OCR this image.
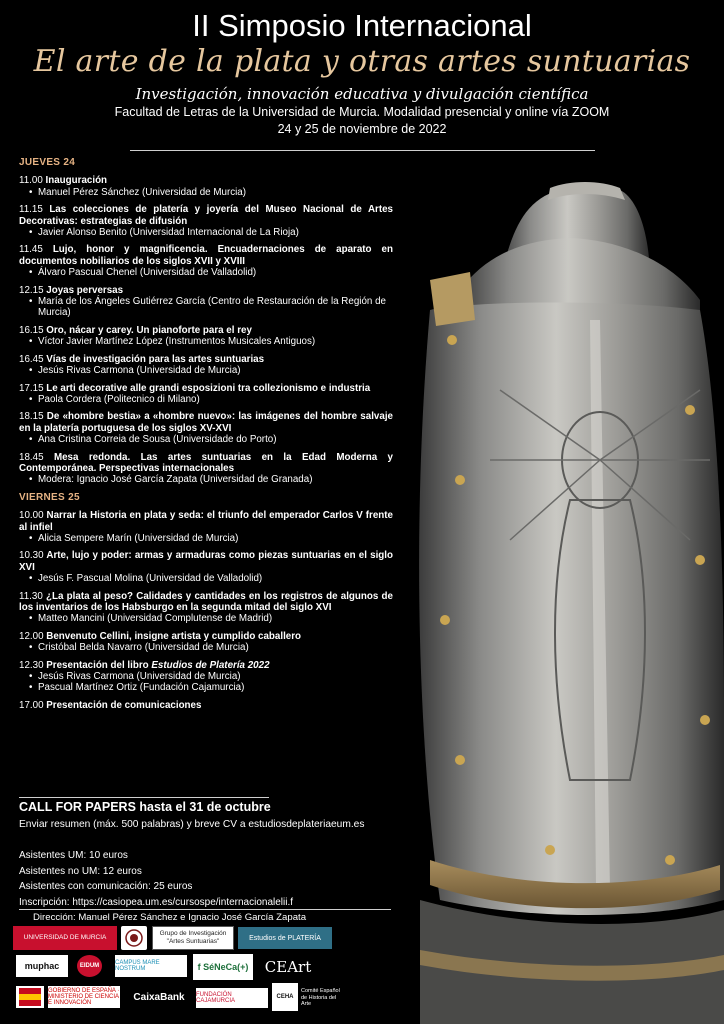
II Simposio Internacional
El arte de la plata y otras artes suntuarias
Investigación, innovación educativa y divulgación científica
Facultad de Letras de la Universidad de Murcia. Modalidad presencial y online vía ZOOM
24 y 25 de noviembre de 2022
JUEVES 24
11.00 Inauguración
• Manuel Pérez Sánchez (Universidad de Murcia)
11.15 Las colecciones de platería y joyería del Museo Nacional de Artes Decorativas: estrategias de difusión
• Javier Alonso Benito (Universidad Internacional de La Rioja)
11.45 Lujo, honor y magnificencia. Encuadernaciones de aparato en documentos nobiliarios de los siglos XVII y XVIII
• Álvaro Pascual Chenel (Universidad de Valladolid)
12.15 Joyas perversas
• María de los Ángeles Gutiérrez García (Centro de Restauración de la Región de Murcia)
16.15 Oro, nácar y carey. Un pianoforte para el rey
• Víctor Javier Martínez López (Instrumentos Musicales Antiguos)
16.45 Vías de investigación para las artes suntuarias
• Jesús Rivas Carmona (Universidad de Murcia)
17.15 Le arti decorative alle grandi esposizioni tra collezionismo e industria
• Paola Cordera (Politecnico di Milano)
18.15 De «hombre bestia» a «hombre nuevo»: las imágenes del hombre salvaje en la platería portuguesa de los siglos XV-XVI
• Ana Cristina Correia de Sousa (Universidade do Porto)
18.45 Mesa redonda. Las artes suntuarias en la Edad Moderna y Contemporánea. Perspectivas internacionales
• Modera: Ignacio José García Zapata (Universidad de Granada)
VIERNES 25
10.00 Narrar la Historia en plata y seda: el triunfo del emperador Carlos V frente al infiel
• Alicia Sempere Marín (Universidad de Murcia)
10.30 Arte, lujo y poder: armas y armaduras como piezas suntuarias en el siglo XVI
• Jesús F. Pascual Molina (Universidad de Valladolid)
11.30 ¿La plata al peso? Calidades y cantidades en los registros de algunos de los inventarios de los Habsburgo en la segunda mitad del siglo XVI
• Matteo Mancini (Universidad Complutense de Madrid)
12.00 Benvenuto Cellini, insigne artista y cumplido caballero
• Cristóbal Belda Navarro (Universidad de Murcia)
12.30 Presentación del libro Estudios de Platería 2022
• Jesús Rivas Carmona (Universidad de Murcia)
• Pascual Martínez Ortiz (Fundación Cajamurcia)
17.00 Presentación de comunicaciones
CALL FOR PAPERS hasta el 31 de octubre
Enviar resumen (máx. 500 palabras) y breve CV a estudiosdeplateriaeum.es
Asistentes UM: 10 euros
Asistentes no UM: 12 euros
Asistentes con comunicación: 25 euros
Inscripción: https://casiopea.um.es/cursospe/internacionalelii.f
Dirección: Manuel Pérez Sánchez e Ignacio José García Zapata
UNIVERSIDAD DE MURCIA
Grupo de Investigación "Artes Suntuarias"	Estudios de PLATERÍA
muphac	EIDUM	CAMPUS MARE NOSTRUM	f SéNeCa(+)	CEArt
GOBIERNO DE ESPAÑA · MINISTERIO DE CIENCIA E INNOVACIÓN
CaixaBank	FUNDACIÓN CAJAMURCIA
CEHA
Comité Español de Historia del Arte
